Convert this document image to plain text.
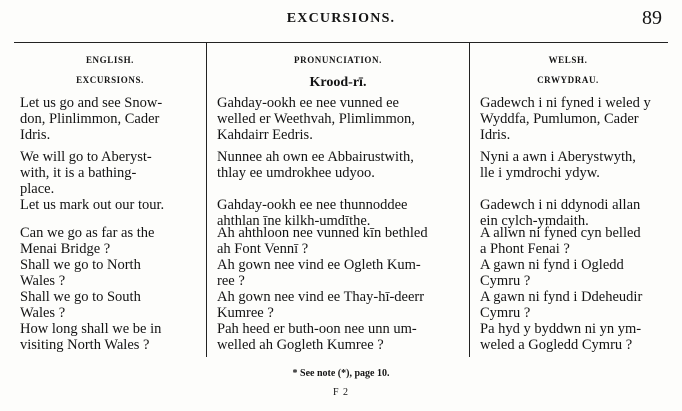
EXCURSIONS.	89
ENGLISH.
EXCURSIONS.
Let us go and see Snow-
don, Plinlimmon, Cader
Idris.
We will go to Aberyst-
with, it is a bathing-
place.
Let us mark out our tour.
Can we go as far as the
Menai Bridge ?
Shall we go to North
Wales ?
Shall we go to South
Wales ?
How long shall we be in
visiting North Wales ?
PRONUNCIATION.
Krood-rī.
Gahday-ookh ee nee vunned ee
welled er Weethvah, Plimlimmon,
Kahdairr Eedris.
Nunnee ah own ee Abbairustwith,
thlay ee umdrokhee udyoo.
Gahday-ookh ee nee thunnoddee
ahthlan īne kilkh-umdīthe.
Ah ahthloon nee vunned kīn bethled
ah Font Vennī ?
Ah gown nee vind ee Ogleth Kum-
ree ?
Ah gown nee vind ee Thay-hī-deerr
Kumree ?
Pah heed er buth-oon nee unn um-
welled ah Gogleth Kumree ?
WELSH.
CRWYDRAU.
Gadewch i ni fyned i weled y
Wyddfa, Pumlumon, Cader
Idris.
Nyni a awn i Aberystwyth,
lle i ymdrochi ydyw.
Gadewch i ni ddynodi allan
ein cylch-ymdaith.
A allwn ni fyned cyn belled
a Phont Fenai ?
A gawn ni fynd i Ogledd
Cymru ?
A gawn ni fynd i Ddeheudir
Cymru ?
Pa hyd y byddwn ni yn ym-
weled a Gogledd Cymru ?
* See note (*), page 10.
F 2
